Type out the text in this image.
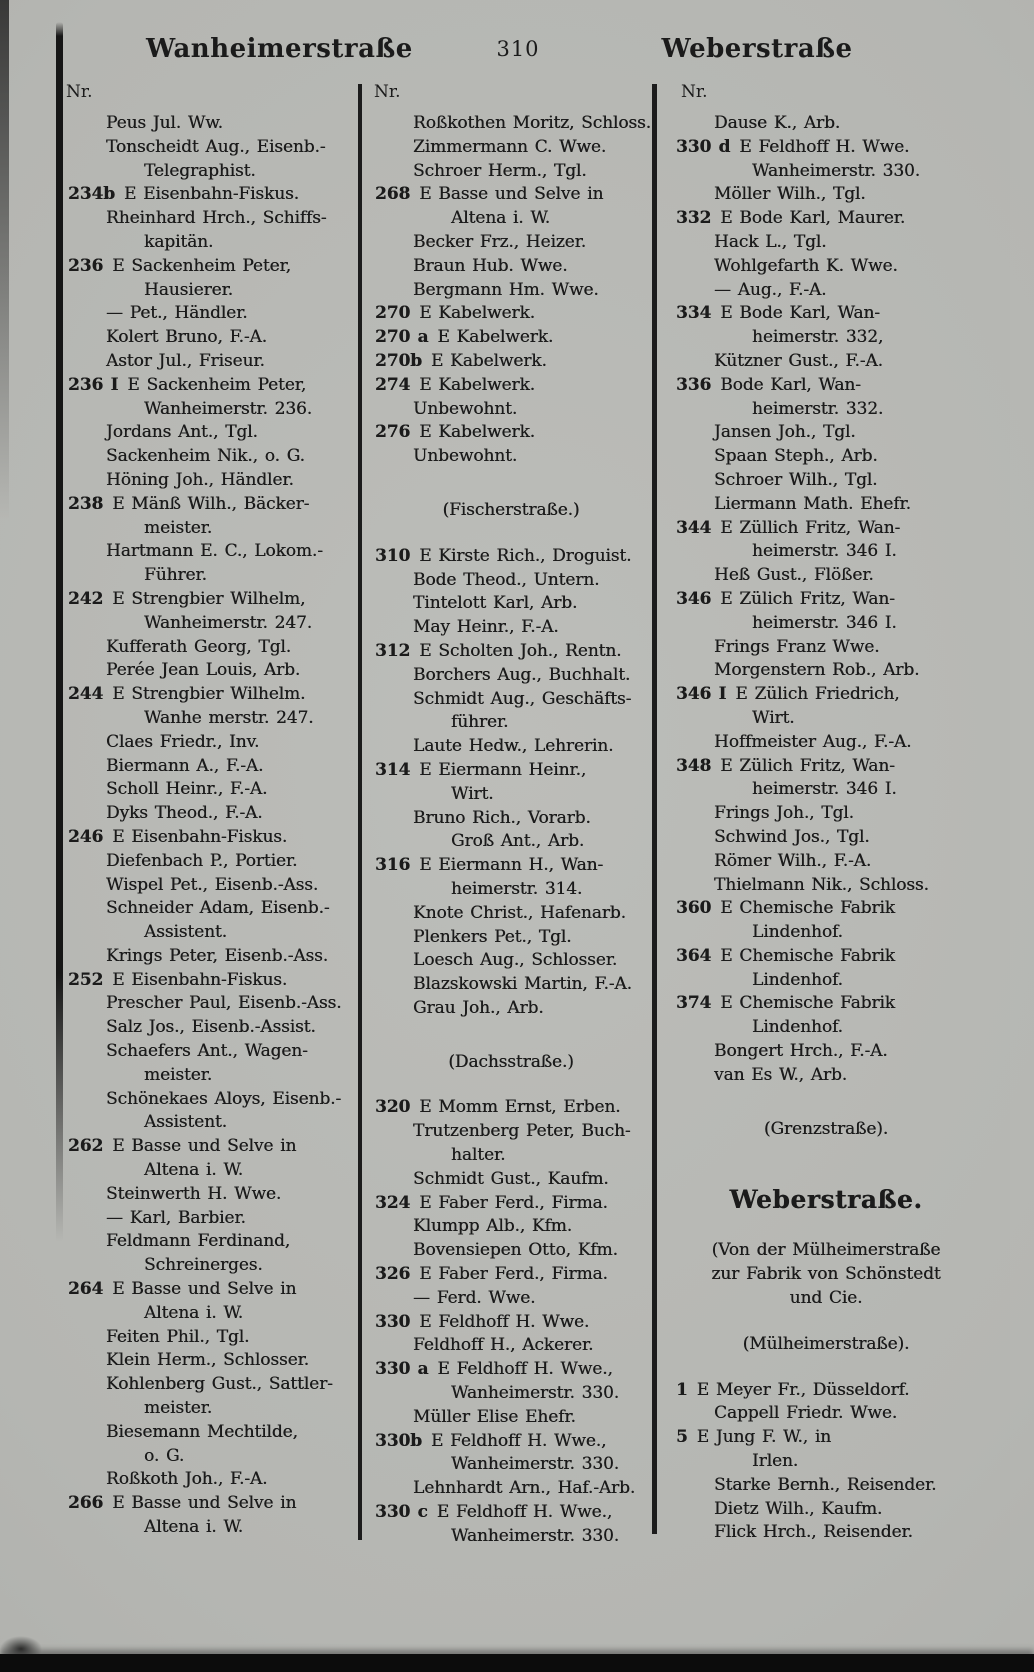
Wanheimerstraße	310	Weberstraße
Nr.	Nr.	Nr.
Peus Jul. Ww.
Tonscheidt Aug., Eisenb.-
Telegraphist.
234b E Eisenbahn-Fiskus.
Rheinhard Hrch., Schiffs-
kapitän.
236 E Sackenheim Peter,
Hausierer.
— Pet., Händler.
Kolert Bruno, F.-A.
Astor Jul., Friseur.
236 I E Sackenheim Peter,
Wanheimerstr. 236.
Jordans Ant., Tgl.
Sackenheim Nik., o. G.
Höning Joh., Händler.
238 E Mänß Wilh., Bäcker-
meister.
Hartmann E. C., Lokom.-
Führer.
242 E Strengbier Wilhelm,
Wanheimerstr. 247.
Kufferath Georg, Tgl.
Perée Jean Louis, Arb.
244 E Strengbier Wilhelm.
Wanhe merstr. 247.
Claes Friedr., Inv.
Biermann A., F.-A.
Scholl Heinr., F.-A.
Dyks Theod., F.-A.
246 E Eisenbahn-Fiskus.
Diefenbach P., Portier.
Wispel Pet., Eisenb.-Ass.
Schneider Adam, Eisenb.-
Assistent.
Krings Peter, Eisenb.-Ass.
252 E Eisenbahn-Fiskus.
Prescher Paul, Eisenb.-Ass.
Salz Jos., Eisenb.-Assist.
Schaefers Ant., Wagen-
meister.
Schönekaes Aloys, Eisenb.-
Assistent.
262 E Basse und Selve in
Altena i. W.
Steinwerth H. Wwe.
— Karl, Barbier.
Feldmann Ferdinand,
Schreinerges.
264 E Basse und Selve in
Altena i. W.
Feiten Phil., Tgl.
Klein Herm., Schlosser.
Kohlenberg Gust., Sattler-
meister.
Biesemann Mechtilde,
o. G.
Roßkoth Joh., F.-A.
266 E Basse und Selve in
Altena i. W.
Roßkothen Moritz, Schloss.
Zimmermann C. Wwe.
Schroer Herm., Tgl.
268 E Basse und Selve in
Altena i. W.
Becker Frz., Heizer.
Braun Hub. Wwe.
Bergmann Hm. Wwe.
270 E Kabelwerk.
270 a E Kabelwerk.
270b E Kabelwerk.
274 E Kabelwerk.
Unbewohnt.
276 E Kabelwerk.
Unbewohnt.
(Fischerstraße.)
310 E Kirste Rich., Droguist.
Bode Theod., Untern.
Tintelott Karl, Arb.
May Heinr., F.-A.
312 E Scholten Joh., Rentn.
Borchers Aug., Buchhalt.
Schmidt Aug., Geschäfts-
führer.
Laute Hedw., Lehrerin.
314 E Eiermann Heinr.,
Wirt.
Bruno Rich., Vorarb.
Groß Ant., Arb.
316 E Eiermann H., Wan-
heimerstr. 314.
Knote Christ., Hafenarb.
Plenkers Pet., Tgl.
Loesch Aug., Schlosser.
Blazskowski Martin, F.-A.
Grau Joh., Arb.
(Dachsstraße.)
320 E Momm Ernst, Erben.
Trutzenberg Peter, Buch-
halter.
Schmidt Gust., Kaufm.
324 E Faber Ferd., Firma.
Klumpp Alb., Kfm.
Bovensiepen Otto, Kfm.
326 E Faber Ferd., Firma.
— Ferd. Wwe.
330 E Feldhoff H. Wwe.
Feldhoff H., Ackerer.
330 a E Feldhoff H. Wwe.,
Wanheimerstr. 330.
Müller Elise Ehefr.
330b E Feldhoff H. Wwe.,
Wanheimerstr. 330.
Lehnhardt Arn., Haf.-Arb.
330 c E Feldhoff H. Wwe.,
Wanheimerstr. 330.
Dause K., Arb.
330 d E Feldhoff H. Wwe.
Wanheimerstr. 330.
Möller Wilh., Tgl.
332 E Bode Karl, Maurer.
Hack L., Tgl.
Wohlgefarth K. Wwe.
— Aug., F.-A.
334 E Bode Karl, Wan-
heimerstr. 332,
Kützner Gust., F.-A.
336 Bode Karl, Wan-
heimerstr. 332.
Jansen Joh., Tgl.
Spaan Steph., Arb.
Schroer Wilh., Tgl.
Liermann Math. Ehefr.
344 E Züllich Fritz, Wan-
heimerstr. 346 I.
Heß Gust., Flößer.
346 E Zülich Fritz, Wan-
heimerstr. 346 I.
Frings Franz Wwe.
Morgenstern Rob., Arb.
346 I E Zülich Friedrich,
Wirt.
Hoffmeister Aug., F.-A.
348 E Zülich Fritz, Wan-
heimerstr. 346 I.
Frings Joh., Tgl.
Schwind Jos., Tgl.
Römer Wilh., F.-A.
Thielmann Nik., Schloss.
360 E Chemische Fabrik
Lindenhof.
364 E Chemische Fabrik
Lindenhof.
374 E Chemische Fabrik
Lindenhof.
Bongert Hrch., F.-A.
van Es W., Arb.
(Grenzstraße).
Weberstraße.
(Von der Mülheimerstraße
zur Fabrik von Schönstedt
und Cie.
(Mülheimerstraße).
1 E Meyer Fr., Düsseldorf.
Cappell Friedr. Wwe.
5 E Jung F. W., in
Irlen.
Starke Bernh., Reisender.
Dietz Wilh., Kaufm.
Flick Hrch., Reisender.
